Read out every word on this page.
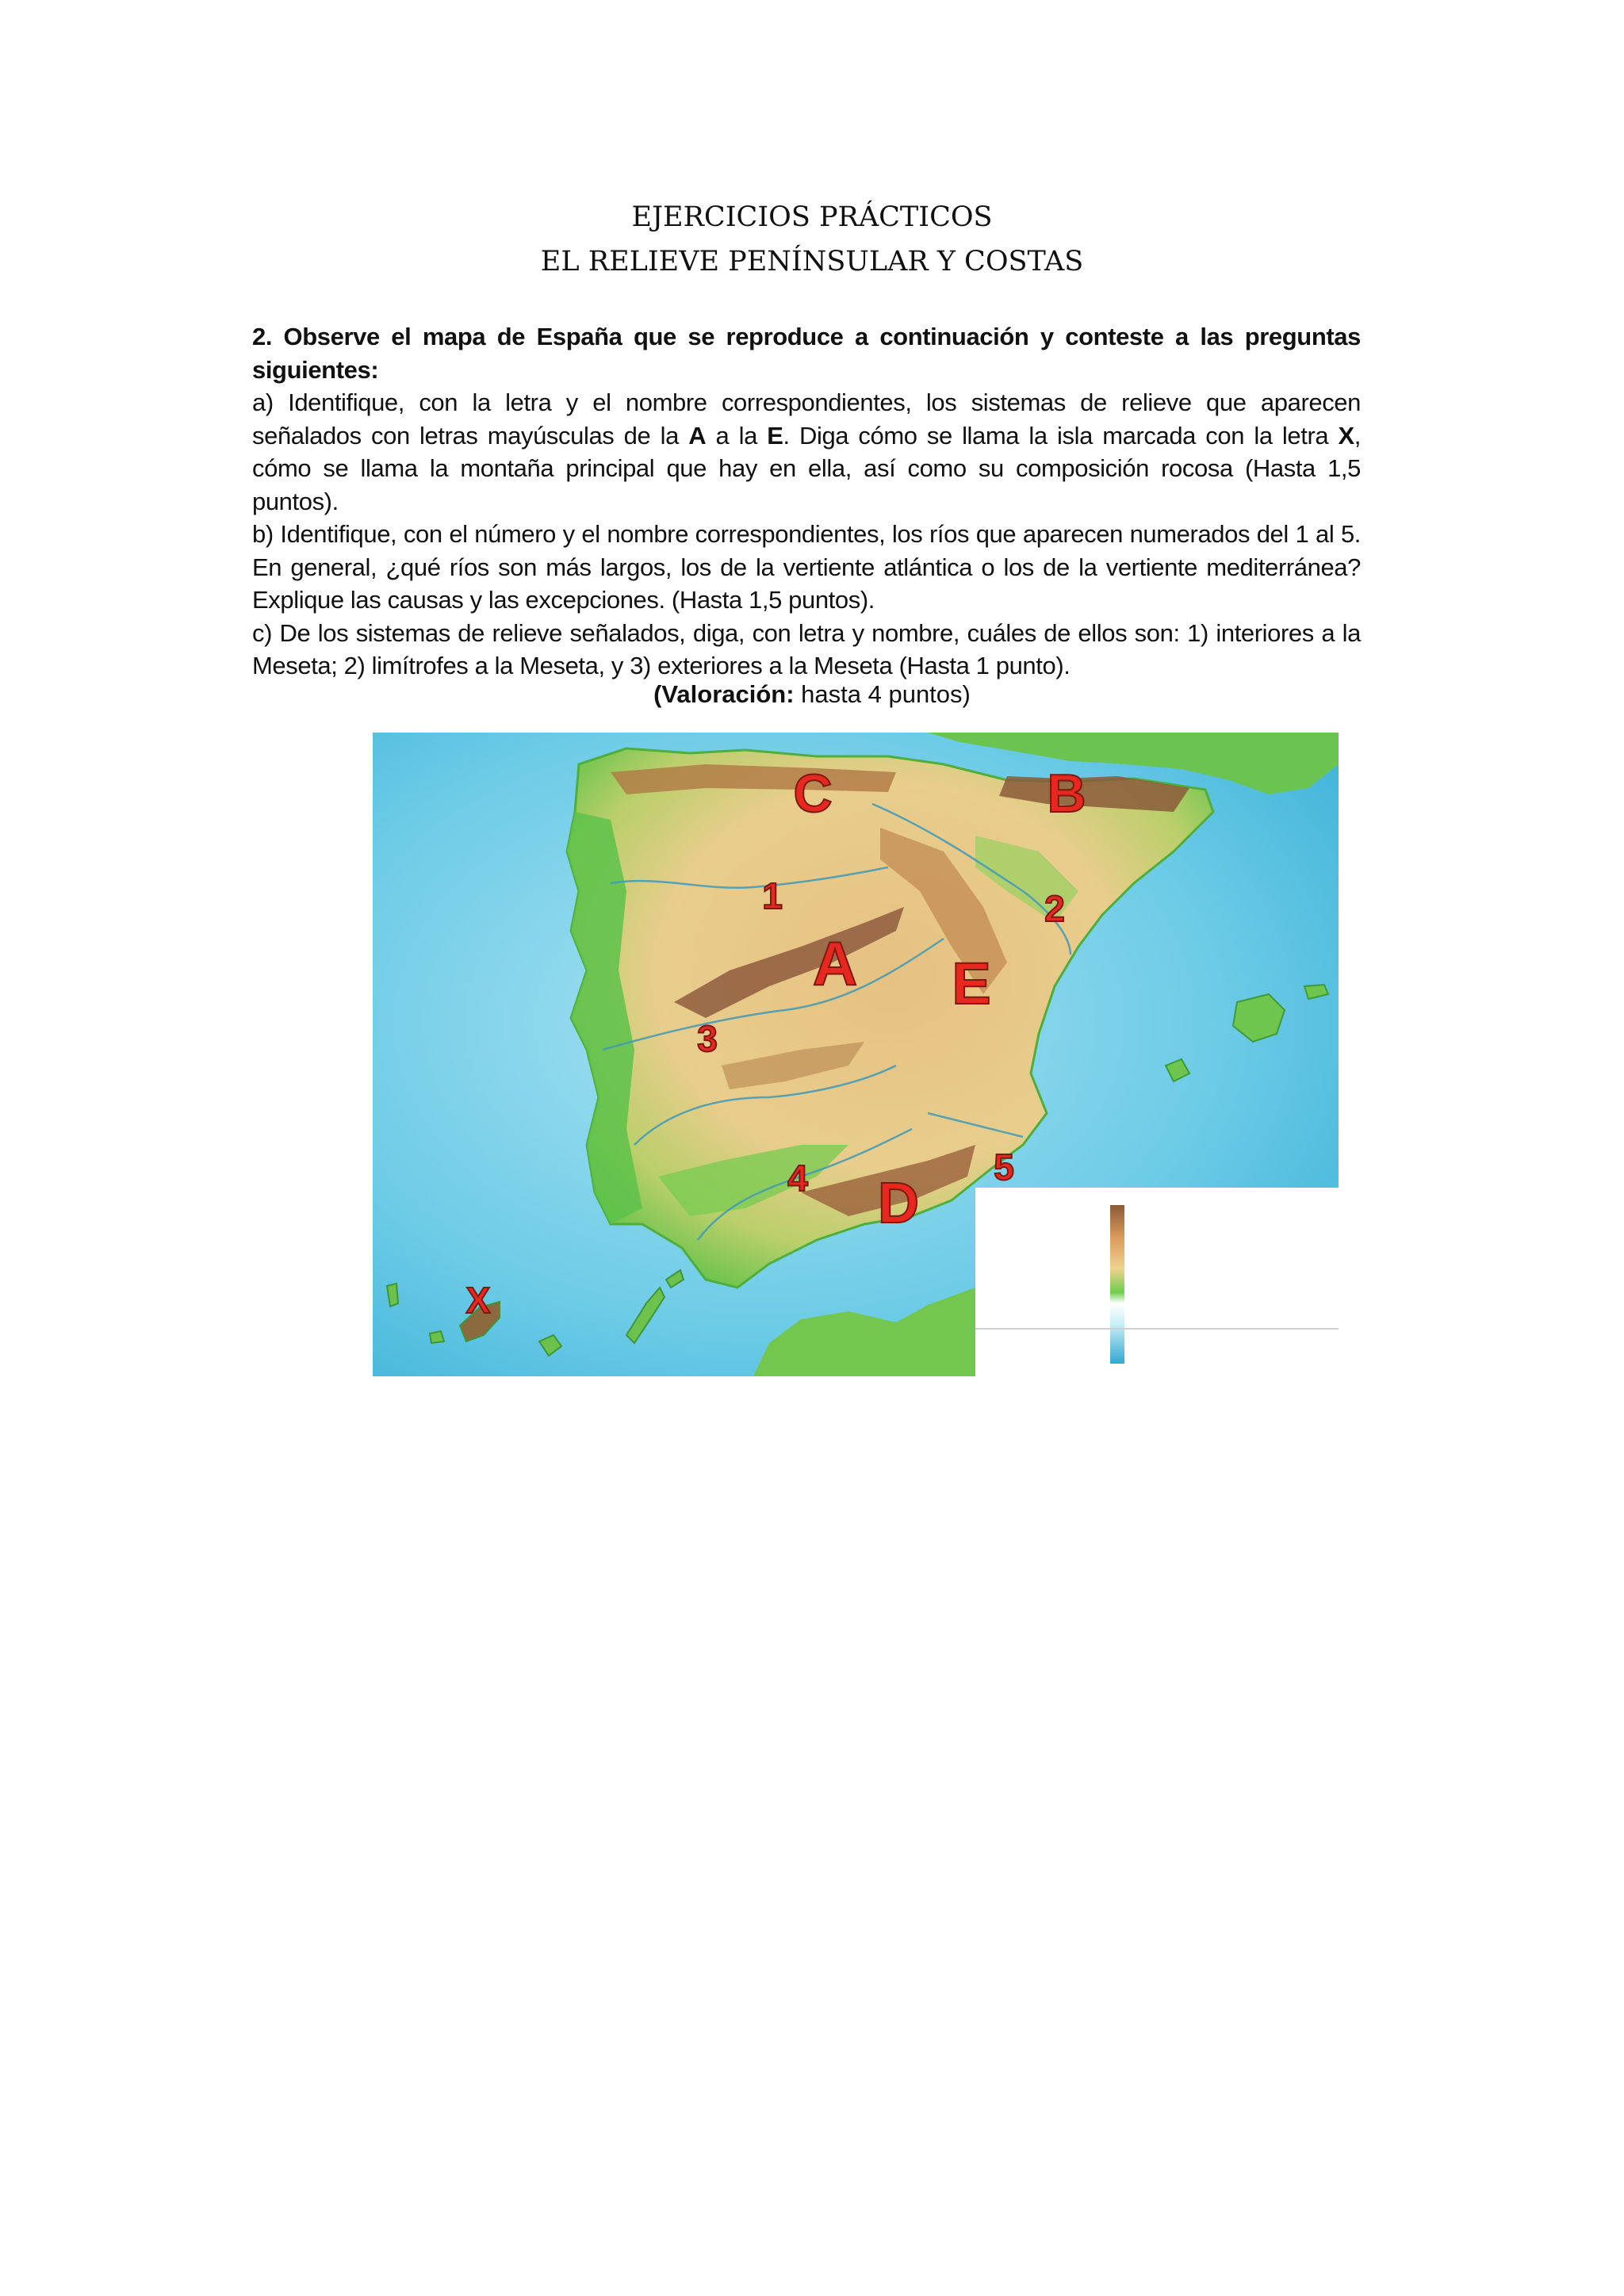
EJERCICIOS PRÁCTICOS
EL RELIEVE PENÍNSULAR Y COSTAS

2. Observe el mapa de España que se reproduce a continuación y conteste a las preguntas siguientes:

a) Identifique, con la letra y el nombre correspondientes, los sistemas de relieve que aparecen señalados con letras mayúsculas de la A a la E. Diga cómo se llama la isla marcada con la letra X, cómo se llama la montaña principal que hay en ella, así como su composición rocosa (Hasta 1,5 puntos).

b) Identifique, con el número y el nombre correspondientes, los ríos que aparecen numerados del 1 al 5. En general, ¿qué ríos son más largos, los de la vertiente atlántica o los de la vertiente mediterránea? Explique las causas y las excepciones. (Hasta 1,5 puntos).

c) De los sistemas de relieve señalados, diga, con letra y nombre, cuáles de ellos son: 1) interiores a la Meseta; 2) limítrofes a la Meseta, y 3) exteriores a la Meseta (Hasta 1 punto).

(Valoración: hasta 4 puntos)
C	B
A E
D
X
1	2
3
4	5
